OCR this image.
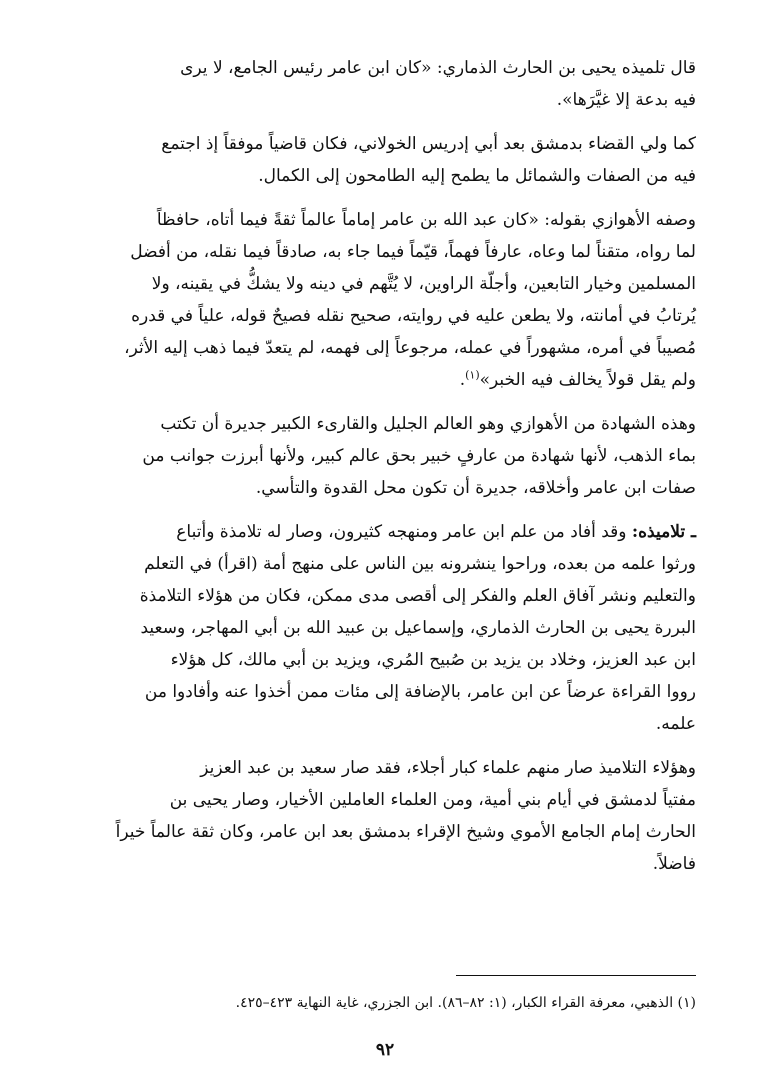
قال تلميذه يحيى بن الحارث الذماري: «كان ابن عامر رئيس الجامع، لا يرى

فيه بدعة إلا غيَّرَها».

كما ولي القضاء بدمشق بعد أبي إدريس الخولاني، فكان قاضياً موفقاً إذ اجتمع

فيه من الصفات والشمائل ما يطمح إليه الطامحون إلى الكمال.

وصفه الأهوازي بقوله: «كان عبد الله بن عامر إماماً عالماً ثقةً فيما أتاه، حافظاً

لما رواه، متقناً لما وعاه، عارفاً فهماً، قيّماً فيما جاء به، صادقاً فيما نقله، من أفضل

المسلمين وخيار التابعين، وأجلّة الراوين، لا يُتَّهم في دينه ولا يشكُّ في يقينه، ولا

يُرتابُ في أمانته، ولا يطعن عليه في روايته، صحيح نقله فصيحٌ قوله، علياً في قدره

مُصيباً في أمره، مشهوراً في عمله، مرجوعاً إلى فهمه، لم يتعدّ فيما ذهب إليه الأثر،

ولم يقل قولاً يخالف فيه الخبر»$^{(١)}$.

وهذه الشهادة من الأهوازي وهو العالم الجليل والقارىء الكبير جديرة أن تكتب

بماء الذهب، لأنها شهادة من عارفٍ خبير بحق عالم كبير، ولأنها أبرزت جوانب من

صفات ابن عامر وأخلاقه، جديرة أن تكون محل القدوة والتأسي.

ـ تلاميذه: وقد أفاد من علم ابن عامر ومنهجه كثيرون، وصار له تلامذة وأتباع

ورثوا علمه من بعده، وراحوا ينشرونه بين الناس على منهج أمة (اقرأ) في التعلم

والتعليم ونشر آفاق العلم والفكر إلى أقصى مدى ممكن، فكان من هؤلاء التلامذة

البررة يحيى بن الحارث الذماري، وإسماعيل بن عبيد الله بن أبي المهاجر، وسعيد

ابن عبد العزيز، وخلاد بن يزيد بن صُبيح المُري، ويزيد بن أبي مالك، كل هؤلاء

رووا القراءة عرضاً عن ابن عامر، بالإضافة إلى مئات ممن أخذوا عنه وأفادوا من

علمه.

وهؤلاء التلاميذ صار منهم علماء كبار أجلاء، فقد صار سعيد بن عبد العزيز

مفتياً لدمشق في أيام بني أمية، ومن العلماء العاملين الأخيار، وصار يحيى بن

الحارث إمام الجامع الأموي وشيخ الإقراء بدمشق بعد ابن عامر، وكان ثقة عالماً خيراً

فاضلاً.

(١) الذهبي، معرفة القراء الكبار، (١: ٨٢–٨٦). ابن الجزري، غاية النهاية ٤٢٣–٤٢٥.
٩٢
